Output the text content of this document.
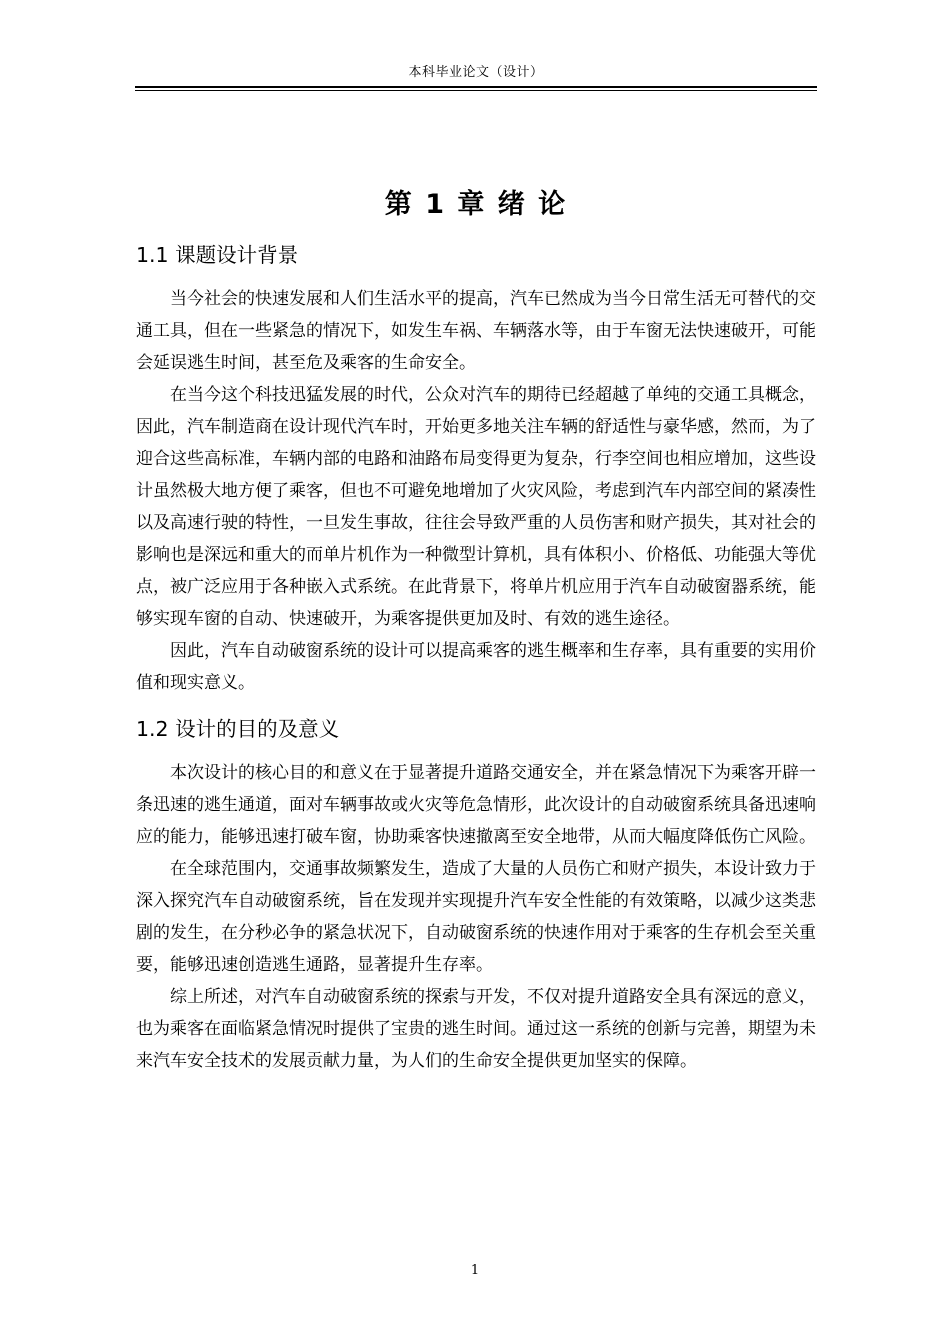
本科毕业论文（设计）
第 1 章 绪 论
1.1 课题设计背景

当今社会的快速发展和人们生活水平的提高，汽车已然成为当今日常生活无可替代的交通工具，但在一些紧急的情况下，如发生车祸、车辆落水等，由于车窗无法快速破开，可能会延误逃生时间，甚至危及乘客的生命安全。

在当今这个科技迅猛发展的时代，公众对汽车的期待已经超越了单纯的交通工具概念，因此，汽车制造商在设计现代汽车时，开始更多地关注车辆的舒适性与豪华感，然而，为了迎合这些高标准，车辆内部的电路和油路布局变得更为复杂，行李空间也相应增加，这些设计虽然极大地方便了乘客，但也不可避免地增加了火灾风险，考虑到汽车内部空间的紧凑性以及高速行驶的特性，一旦发生事故，往往会导致严重的人员伤害和财产损失，其对社会的影响也是深远和重大的而单片机作为一种微型计算机，具有体积小、价格低、功能强大等优点，被广泛应用于各种嵌入式系统。在此背景下，将单片机应用于汽车自动破窗器系统，能够实现车窗的自动、快速破开，为乘客提供更加及时、有效的逃生途径。

因此，汽车自动破窗系统的设计可以提高乘客的逃生概率和生存率，具有重要的实用价值和现实意义。

1.2 设计的目的及意义

本次设计的核心目的和意义在于显著提升道路交通安全，并在紧急情况下为乘客开辟一条迅速的逃生通道，面对车辆事故或火灾等危急情形，此次设计的自动破窗系统具备迅速响应的能力，能够迅速打破车窗，协助乘客快速撤离至安全地带，从而大幅度降低伤亡风险。

在全球范围内，交通事故频繁发生，造成了大量的人员伤亡和财产损失，本设计致力于深入探究汽车自动破窗系统，旨在发现并实现提升汽车安全性能的有效策略，以减少这类悲剧的发生，在分秒必争的紧急状况下，自动破窗系统的快速作用对于乘客的生存机会至关重要，能够迅速创造逃生通路，显著提升生存率。

综上所述，对汽车自动破窗系统的探索与开发，不仅对提升道路安全具有深远的意义，也为乘客在面临紧急情况时提供了宝贵的逃生时间。通过这一系统的创新与完善，期望为未来汽车安全技术的发展贡献力量，为人们的生命安全提供更加坚实的保障。

1
